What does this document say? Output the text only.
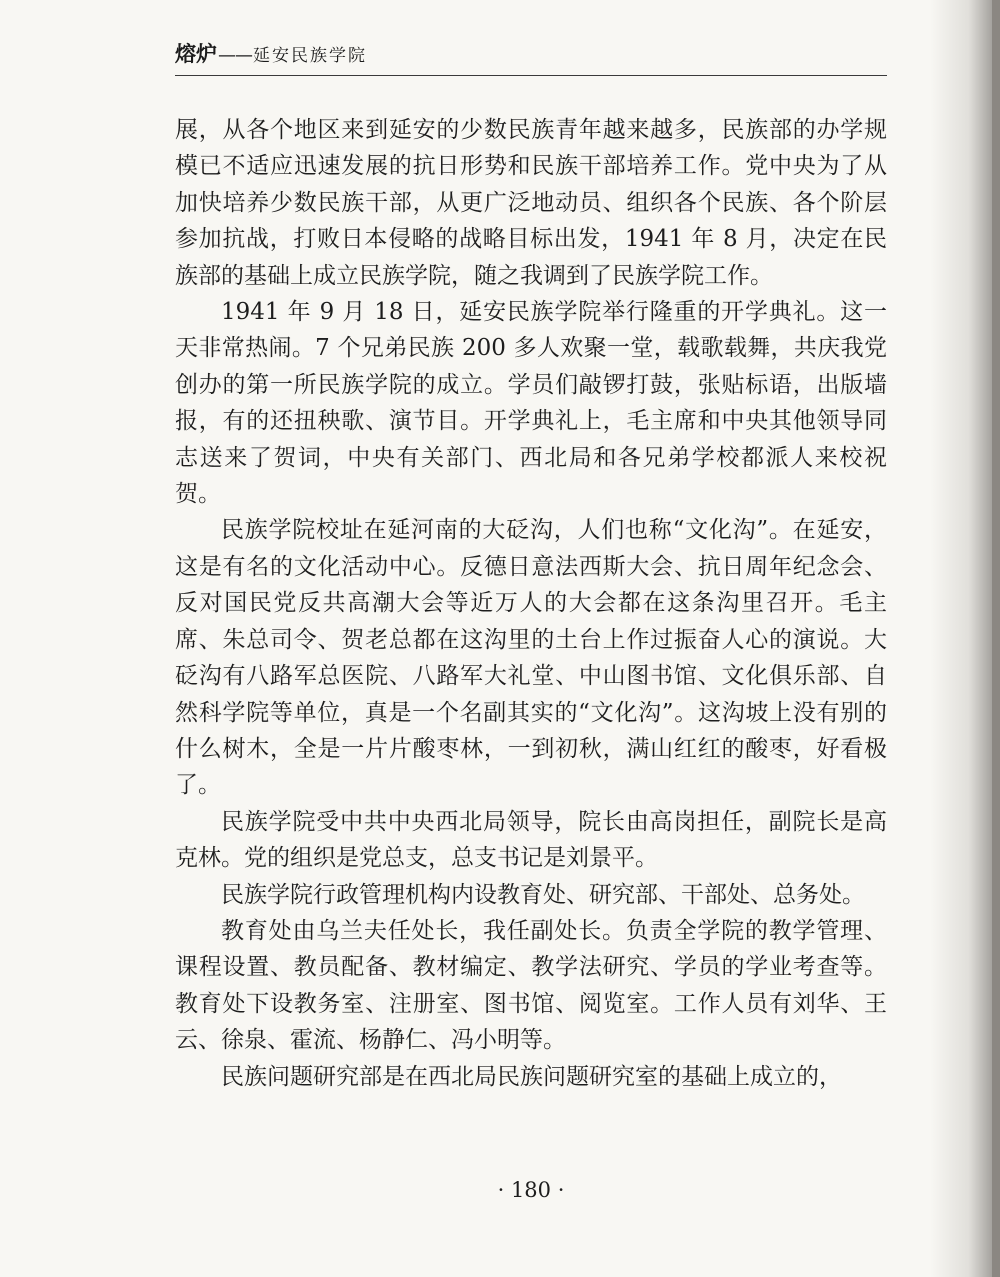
熔炉 —— 延安民族学院

展，从各个地区来到延安的少数民族青年越来越多，民族部的办学规模已不适应迅速发展的抗日形势和民族干部培养工作。党中央为了从加快培养少数民族干部，从更广泛地动员、组织各个民族、各个阶层参加抗战，打败日本侵略的战略目标出发，1941 年 8 月，决定在民族部的基础上成立民族学院，随之我调到了民族学院工作。

1941 年 9 月 18 日，延安民族学院举行隆重的开学典礼。这一天非常热闹。7 个兄弟民族 200 多人欢聚一堂，载歌载舞，共庆我党创办的第一所民族学院的成立。学员们敲锣打鼓，张贴标语，出版墙报，有的还扭秧歌、演节目。开学典礼上，毛主席和中央其他领导同志送来了贺词，中央有关部门、西北局和各兄弟学校都派人来校祝贺。

民族学院校址在延河南的大砭沟，人们也称“文化沟”。在延安，这是有名的文化活动中心。反德日意法西斯大会、抗日周年纪念会、反对国民党反共高潮大会等近万人的大会都在这条沟里召开。毛主席、朱总司令、贺老总都在这沟里的土台上作过振奋人心的演说。大砭沟有八路军总医院、八路军大礼堂、中山图书馆、文化俱乐部、自然科学院等单位，真是一个名副其实的“文化沟”。这沟坡上没有别的什么树木，全是一片片酸枣林，一到初秋，满山红红的酸枣，好看极了。

民族学院受中共中央西北局领导，院长由高岗担任，副院长是高克林。党的组织是党总支，总支书记是刘景平。

民族学院行政管理机构内设教育处、研究部、干部处、总务处。

教育处由乌兰夫任处长，我任副处长。负责全学院的教学管理、课程设置、教员配备、教材编定、教学法研究、学员的学业考查等。教育处下设教务室、注册室、图书馆、阅览室。工作人员有刘华、王云、徐泉、霍流、杨静仁、冯小明等。

民族问题研究部是在西北局民族问题研究室的基础上成立的，

· 180 ·
